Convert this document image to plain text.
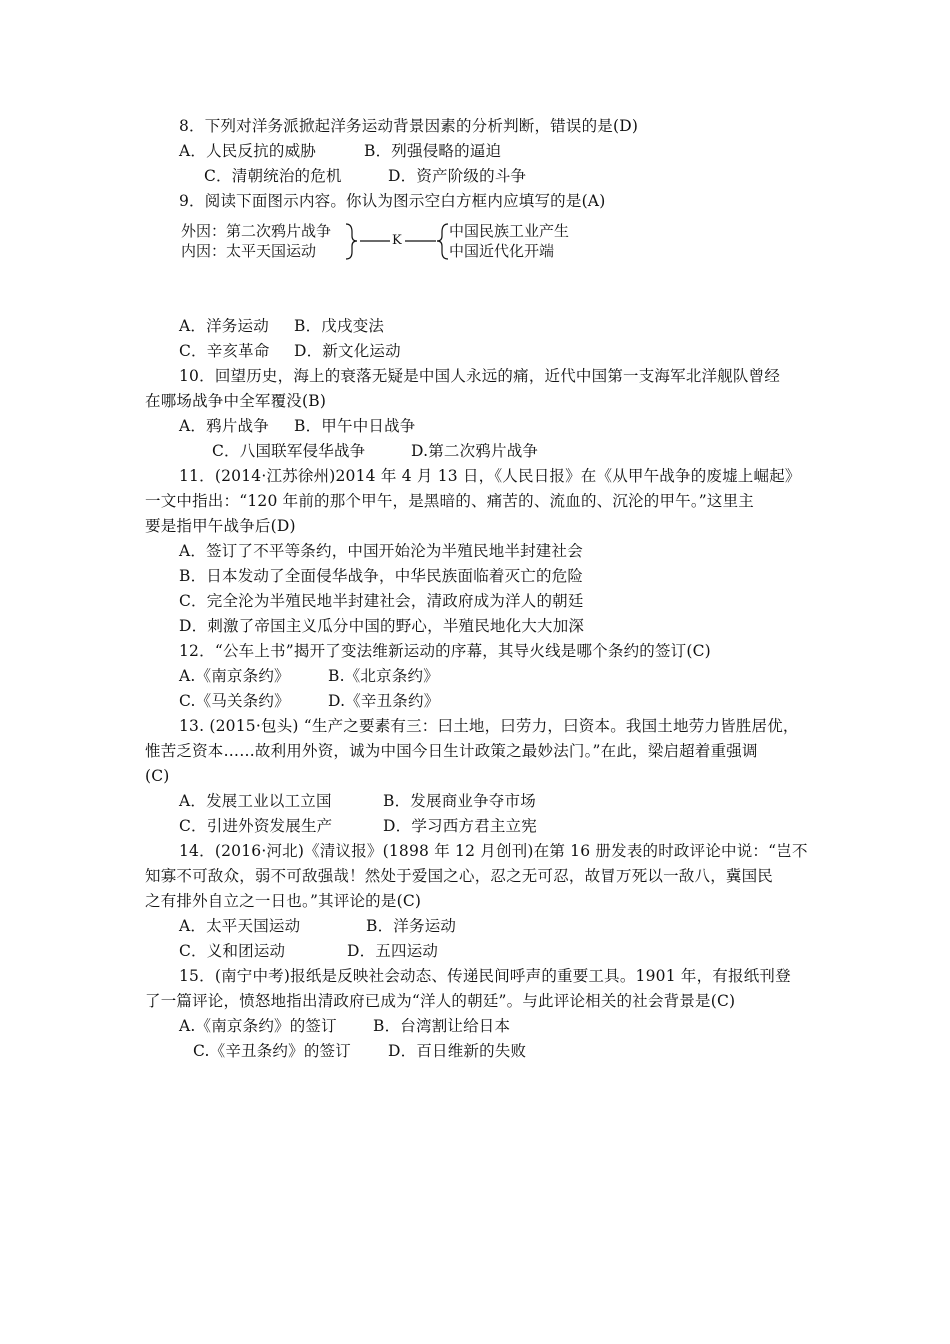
8．下列对洋务派掀起洋务运动背景因素的分析判断，错误的是(D)
A．人民反抗的威胁	B．列强侵略的逼迫
C．清朝统治的危机	D．资产阶级的斗争
9．阅读下面图示内容。你认为图示空白方框内应填写的是(A)
外因：第二次鸦片战争
内因：太平天国运动
K
中国民族工业产生
中国近代化开端
A．洋务运动 B．戊戌变法
C．辛亥革命 D．新文化运动
10．回望历史，海上的衰落无疑是中国人永远的痛，近代中国第一支海军北洋舰队曾经
在哪场战争中全军覆没(B)
A．鸦片战争 B．甲午中日战争
C．八国联军侵华战争	D.第二次鸦片战争
11．(2014·江苏徐州)2014 年 4 月 13 日，《人民日报》在《从甲午战争的废墟上崛起》
一文中指出：“120 年前的那个甲午，是黑暗的、痛苦的、流血的、沉沦的甲午。”这里主
要是指甲午战争后(D)
A．签订了不平等条约，中国开始沦为半殖民地半封建社会
B．日本发动了全面侵华战争，中华民族面临着灭亡的危险
C．完全沦为半殖民地半封建社会，清政府成为洋人的朝廷
D．刺激了帝国主义瓜分中国的野心，半殖民地化大大加深
12．“公车上书”揭开了变法维新运动的序幕，其导火线是哪个条约的签订(C)
A.《南京条约》 B.《北京条约》
C.《马关条约》 D.《辛丑条约》
13. (2015·包头) “生产之要素有三：曰土地，曰劳力，曰资本。我国土地劳力皆胜居优，
惟苦乏资本……故利用外资，诚为中国今日生计政策之最妙法门。”在此，梁启超着重强调
(C)
A．发展工业以工立国	B．发展商业争夺市场
C．引进外资发展生产	D．学习西方君主立宪
14．(2016·河北)《清议报》(1898 年 12 月创刊)在第 16 册发表的时政评论中说：“岂不
知寡不可敌众，弱不可敌强哉！然处于爱国之心，忍之无可忍，故冒万死以一敌八，冀国民
之有排外自立之一日也。”其评论的是(C)
A．太平天国运动	B．洋务运动
C．义和团运动	D．五四运动
15．(南宁中考)报纸是反映社会动态、传递民间呼声的重要工具。1901 年，有报纸刊登
了一篇评论，愤怒地指出清政府已成为“洋人的朝廷”。与此评论相关的社会背景是(C)
A.《南京条约》的签订 B．台湾割让给日本
C.《辛丑条约》的签订 D．百日维新的失败
